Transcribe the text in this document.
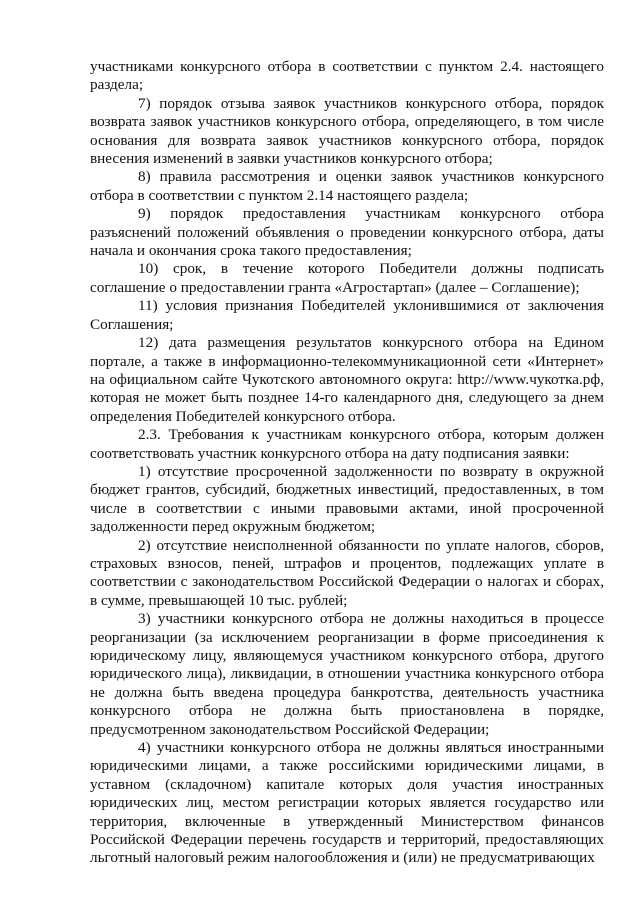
участниками конкурсного отбора в соответствии с пунктом 2.4. настоящего раздела;

7) порядок отзыва заявок участников конкурсного отбора, порядок возврата заявок участников конкурсного отбора, определяющего, в том числе основания для возврата заявок участников конкурсного отбора, порядок внесения изменений в заявки участников конкурсного отбора;

8) правила рассмотрения и оценки заявок участников конкурсного отбора в соответствии с пунктом 2.14 настоящего раздела;

9) порядок предоставления участникам конкурсного отбора разъяснений положений объявления о проведении конкурсного отбора, даты начала и окончания срока такого предоставления;

10) срок, в течение которого Победители должны подписать соглашение о предоставлении гранта «Агростартап» (далее – Соглашение);

11) условия признания Победителей уклонившимися от заключения Соглашения;

12) дата размещения результатов конкурсного отбора на Едином портале, а также в информационно-телекоммуникационной сети «Интернет» на официальном сайте Чукотского автономного округа: http://www.чукотка.рф, которая не может быть позднее 14-го календарного дня, следующего за днем определения Победителей конкурсного отбора.

2.3. Требования к участникам конкурсного отбора, которым должен соответствовать участник конкурсного отбора на дату подписания заявки:

1) отсутствие просроченной задолженности по возврату в окружной бюджет грантов, субсидий, бюджетных инвестиций, предоставленных, в том числе в соответствии с иными правовыми актами, иной просроченной задолженности перед окружным бюджетом;

2) отсутствие неисполненной обязанности по уплате налогов, сборов, страховых взносов, пеней, штрафов и процентов, подлежащих уплате в соответствии с законодательством Российской Федерации о налогах и сборах, в сумме, превышающей 10 тыс. рублей;

3) участники конкурсного отбора не должны находиться в процессе реорганизации (за исключением реорганизации в форме присоединения к юридическому лицу, являющемуся участником конкурсного отбора, другого юридического лица), ликвидации, в отношении участника конкурсного отбора не должна быть введена процедура банкротства, деятельность участника конкурсного отбора не должна быть приостановлена в порядке, предусмотренном законодательством Российской Федерации;

4) участники конкурсного отбора не должны являться иностранными юридическими лицами, а также российскими юридическими лицами, в уставном (складочном) капитале которых доля участия иностранных юридических лиц, местом регистрации которых является государство или территория, включенные в утвержденный Министерством финансов Российской Федерации перечень государств и территорий, предоставляющих льготный налоговый режим налогообложения и (или) не предусматривающих
